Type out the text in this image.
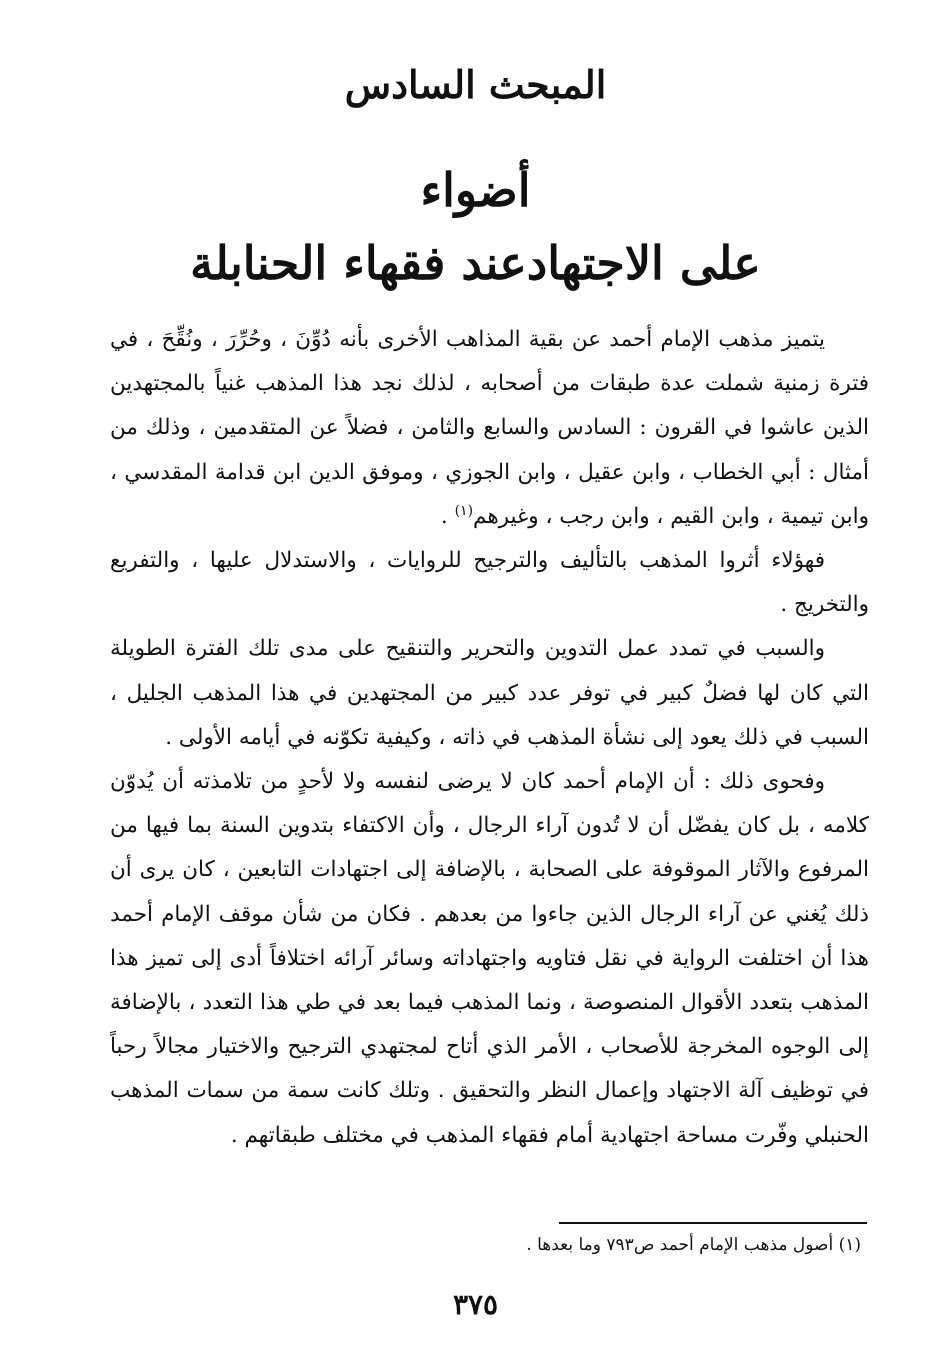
المبحث السادس
أضواء
على الاجتهادعند فقهاء الحنابلة

يتميز مذهب الإمام أحمد عن بقية المذاهب الأخرى بأنه دُوِّنَ ، وحُرِّرَ ، ونُقِّحَ ، في فترة زمنية شملت عدة طبقات من أصحابه ، لذلك نجد هذا المذهب غنياً بالمجتهدين الذين عاشوا في القرون : السادس والسابع والثامن ، فضلاً عن المتقدمين ، وذلك من أمثال : أبي الخطاب ، وابن عقيل ، وابن الجوزي ، وموفق الدين ابن قدامة المقدسي ، وابن تيمية ، وابن القيم ، وابن رجب ، وغيرهم$^{(١)}$ .

فهؤلاء أثروا المذهب بالتأليف والترجيح للروايات ، والاستدلال عليها ، والتفريع والتخريج .

والسبب في تمدد عمل التدوين والتحرير والتنقيح على مدى تلك الفترة الطويلة التي كان لها فضلٌ كبير في توفر عدد كبير من المجتهدين في هذا المذهب الجليل ، السبب في ذلك يعود إلى نشأة المذهب في ذاته ، وكيفية تكوّنه في أيامه الأولى .

وفحوى ذلك : أن الإمام أحمد كان لا يرضى لنفسه ولا لأحدٍ من تلامذته أن يُدوّن كلامه ، بل كان يفضّل أن لا تُدون آراء الرجال ، وأن الاكتفاء بتدوين السنة بما فيها من المرفوع والآثار الموقوفة على الصحابة ، بالإضافة إلى اجتهادات التابعين ، كان يرى أن ذلك يُغني عن آراء الرجال الذين جاءوا من بعدهم . فكان من شأن موقف الإمام أحمد هذا أن اختلفت الرواية في نقل فتاويه واجتهاداته وسائر آرائه اختلافاً أدى إلى تميز هذا المذهب بتعدد الأقوال المنصوصة ، ونما المذهب فيما بعد في طي هذا التعدد ، بالإضافة إلى الوجوه المخرجة للأصحاب ، الأمر الذي أتاح لمجتهدي الترجيح والاختيار مجالاً رحباً في توظيف آلة الاجتهاد وإعمال النظر والتحقيق . وتلك كانت سمة من سمات المذهب الحنبلي وفّرت مساحة اجتهادية أمام فقهاء المذهب في مختلف طبقاتهم .

(١) أصول مذهب الإمام أحمد ص٧٩٣ وما بعدها .
٣٧٥
